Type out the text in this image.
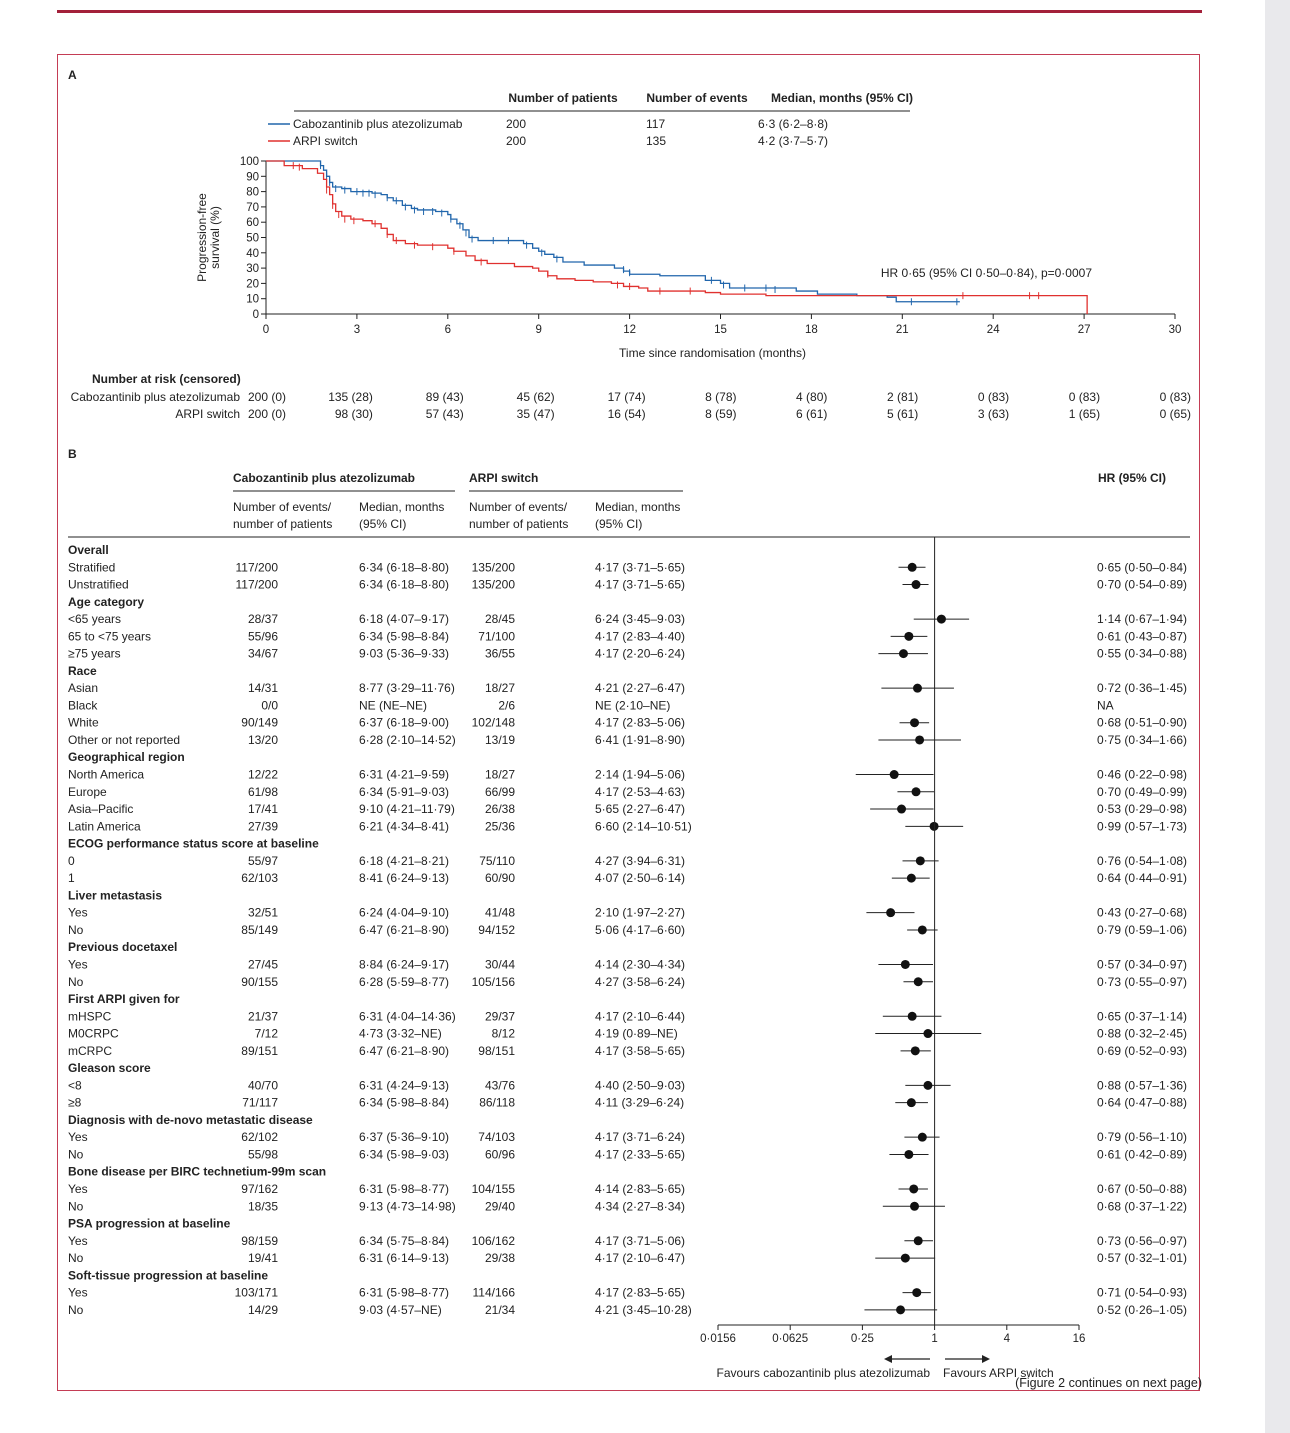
A
Number of patients Number of events Median, months (95% CI)
Cabozantinib plus atezolizumab	200	117	6·3 (6·2–8·8)
ARPI switch	200	135	4·2 (3·7–5·7)
0
10
20
30
40
50
60
70
80
90
100
0	3	6	9	12	15	18	21	24	27	30
Time since randomisation (months)
Progression-free survival (%)
HR 0·65 (95% CI 0·50–0·84), p=0·0007
Number at risk (censored)
Cabozantinib plus atezolizumab 200 (0)	135 (28)	89 (43)	45 (62)	17 (74)	8 (78)	4 (80)	2 (81)	0 (83)	0 (83)	0 (83)
ARPI switch 200 (0)	98 (30)	57 (43)	35 (47)	16 (54)	8 (59)	6 (61)	5 (61)	3 (63)	1 (65)	0 (65)
B
Cabozantinib plus atezolizumab	ARPI switch	HR (95% CI)
Number of events/
number of patients
Median, months
(95% CI)
Number of events/
number of patients
Median, months
(95% CI)
Overall
Stratified	117/200	6·34 (6·18–8·80) 135/200	4·17 (3·71–5·65)	0·65 (0·50–0·84)
Unstratified	117/200	6·34 (6·18–8·80) 135/200	4·17 (3·71–5·65)	0·70 (0·54–0·89)
Age category
<65 years	28/37	6·18 (4·07–9·17)	28/45	6·24 (3·45–9·03)	1·14 (0·67–1·94)
65 to <75 years	55/96	6·34 (5·98–8·84) 71/100	4·17 (2·83–4·40)	0·61 (0·43–0·87)
≥75 years	34/67	9·03 (5·36–9·33)	36/55	4·17 (2·20–6·24)	0·55 (0·34–0·88)
Race
Asian	14/31	8·77 (3·29–11·76)	18/27	4·21 (2·27–6·47)	0·72 (0·36–1·45)
Black	0/0	NE (NE–NE)	2/6	NE (2·10–NE)	NA
White	90/149	6·37 (6·18–9·00) 102/148	4·17 (2·83–5·06)	0·68 (0·51–0·90)
Other or not reported	13/20	6·28 (2·10–14·52) 13/19	6·41 (1·91–8·90)	0·75 (0·34–1·66)
Geographical region
North America	12/22	6·31 (4·21–9·59)	18/27	2·14 (1·94–5·06)	0·46 (0·22–0·98)
Europe	61/98	6·34 (5·91–9·03)	66/99	4·17 (2·53–4·63)	0·70 (0·49–0·99)
Asia–Pacific	17/41	9·10 (4·21–11·79)	26/38	5·65 (2·27–6·47)	0·53 (0·29–0·98)
Latin America	27/39	6·21 (4·34–8·41)	25/36	6·60 (2·14–10·51)	0·99 (0·57–1·73)
ECOG performance status score at baseline
0	55/97	6·18 (4·21–8·21)	75/110	4·27 (3·94–6·31)	0·76 (0·54–1·08)
1	62/103	8·41 (6·24–9·13)	60/90	4·07 (2·50–6·14)	0·64 (0·44–0·91)
Liver metastasis
Yes	32/51	6·24 (4·04–9·10)	41/48	2·10 (1·97–2·27)	0·43 (0·27–0·68)
No	85/149	6·47 (6·21–8·90) 94/152	5·06 (4·17–6·60)	0·79 (0·59–1·06)
Previous docetaxel
Yes	27/45	8·84 (6·24–9·17)	30/44	4·14 (2·30–4·34)	0·57 (0·34–0·97)
No	90/155	6·28 (5·59–8·77) 105/156	4·27 (3·58–6·24)	0·73 (0·55–0·97)
First ARPI given for
mHSPC	21/37	6·31 (4·04–14·36) 29/37	4·17 (2·10–6·44)	0·65 (0·37–1·14)
M0CRPC	7/12	4·73 (3·32–NE)	8/12	4·19 (0·89–NE)	0·88 (0·32–2·45)
mCRPC	89/151	6·47 (6·21–8·90) 98/151	4·17 (3·58–5·65)	0·69 (0·52–0·93)
Gleason score
<8	40/70	6·31 (4·24–9·13)	43/76	4·40 (2·50–9·03)	0·88 (0·57–1·36)
≥8	71/117	6·34 (5·98–8·84)	86/118	4·11 (3·29–6·24)	0·64 (0·47–0·88)
Diagnosis with de-novo metastatic disease
Yes	62/102	6·37 (5·36–9·10) 74/103	4·17 (3·71–6·24)	0·79 (0·56–1·10)
No	55/98	6·34 (5·98–9·03)	60/96	4·17 (2·33–5·65)	0·61 (0·42–0·89)
Bone disease per BIRC technetium-99m scan
Yes	97/162	6·31 (5·98–8·77) 104/155	4·14 (2·83–5·65)	0·67 (0·50–0·88)
No	18/35	9·13 (4·73–14·98) 29/40	4·34 (2·27–8·34)	0·68 (0·37–1·22)
PSA progression at baseline
Yes	98/159	6·34 (5·75–8·84) 106/162	4·17 (3·71–5·06)	0·73 (0·56–0·97)
No	19/41	6·31 (6·14–9·13)	29/38	4·17 (2·10–6·47)	0·57 (0·32–1·01)
Soft-tissue progression at baseline
Yes	103/171	6·31 (5·98–8·77) 114/166	4·17 (2·83–5·65)	0·71 (0·54–0·93)
No	14/29	9·03 (4·57–NE)	21/34	4·21 (3·45–10·28)	0·52 (0·26–1·05)
0·0156	0·0625	0·25	1	4	16
Favours cabozantinib plus atezolizumab Favours ARPI switch
(Figure 2 continues on next page)
